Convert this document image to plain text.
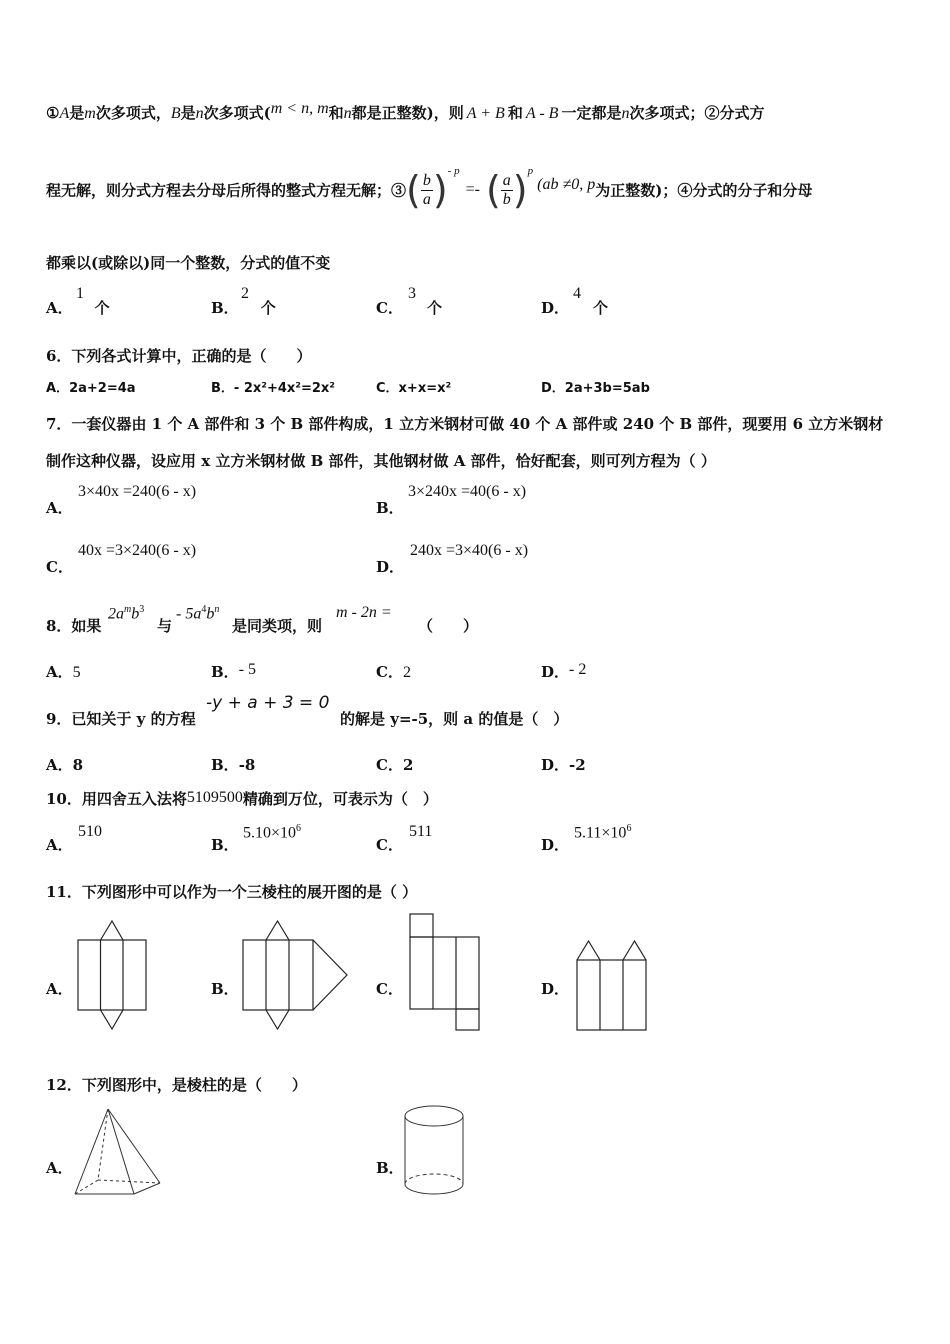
①A是m次多项式，B是n次多项式(m < n, m和n都是正整数)，则 A + B 和 A - B 一定都是n次多项式；②分式方
程无解，则分式方程去分母后所得的整式方程无解；③( $\frac{b}{a} )^{- p}=-$ ( $\frac{a}{b} )^p(ab \ne 0$, p为正整数)；④分式的分子和分母
都乘以(或除以)同一个整数，分式的值不变
A．
1
个	B．
2
个	C．
3
个	D．
4
个
6．下列各式计算中，正确的是（　　）
A．2a+2=4a	B．- 2x²+4x²=2x²	C．x+x=x²	D．2a+3b=5ab
7．一套仪器由 1 个 A 部件和 3 个 B 部件构成，1 立方米钢材可做 40 个 A 部件或 240 个 B 部件，现要用 6 立方米钢材
制作这种仪器，设应用 x 立方米钢材做 B 部件，其他钢材做 A 部件，恰好配套，则可列方程为（ ）
A．
3×40x =240(6 - x)
B．
3×240x =40(6 - x)
C．
40x =3×240(6 - x)
D．
240x =3×40(6 - x)
8．如果
$2a^mb^3$
与
- $5a^4b^n$
是同类项，则
m - 2n =
（　　）
A．5	B．- 5	C．2	D．- 2
9．已知关于 y 的方程
-y + a + 3 = 0
的解是 y=-5，则 a 的值是（　）
A．8	B．-8	C．2	D．-2
10．用四舍五入法将5109500精确到万位，可表示为（　）
A．
510
B．
$5.10\times 10^6$
C．
511
D．
$5.11\times 10^6$
11．下列图形中可以作为一个三棱柱的展开图的是（ ）
A．	B．	C．	D．
12．下列图形中，是棱柱的是（　　）
A．	B．
